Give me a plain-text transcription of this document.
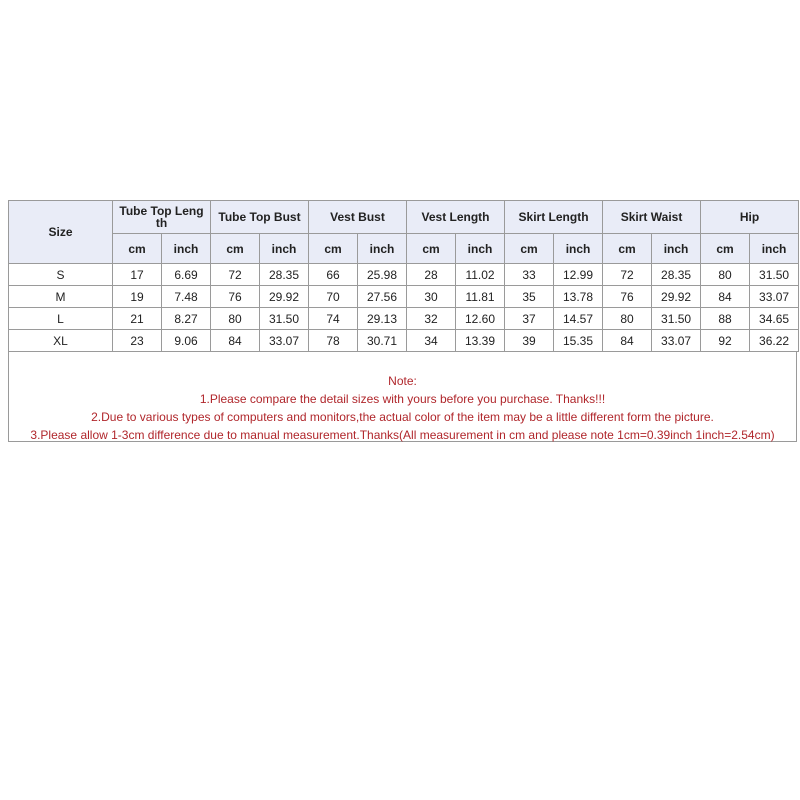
Size	Tube Top Length		Tube Top Bust		Vest Bust		Vest Length		Skirt Length		Skirt Waist		Hip	
	cm	inch	cm	inch	cm	inch	cm	inch	cm	inch	cm	inch	cm	inch
S	17	6.69	72	28.35	66	25.98	28	11.02	33	12.99	72	28.35	80	31.50
M	19	7.48	76	29.92	70	27.56	30	11.81	35	13.78	76	29.92	84	33.07
L	21	8.27	80	31.50	74	29.13	32	12.60	37	14.57	80	31.50	88	34.65
XL	23	9.06	84	33.07	78	30.71	34	13.39	39	15.35	84	33.07	92	36.22
Note:
1.Please compare the detail sizes with yours before you purchase. Thanks!!!
2.Due to various types of computers and monitors,the actual color of the item may be a little different form the picture.
3.Please allow 1-3cm difference due to manual measurement.Thanks(All measurement in cm and please note 1cm=0.39inch 1inch=2.54cm)
